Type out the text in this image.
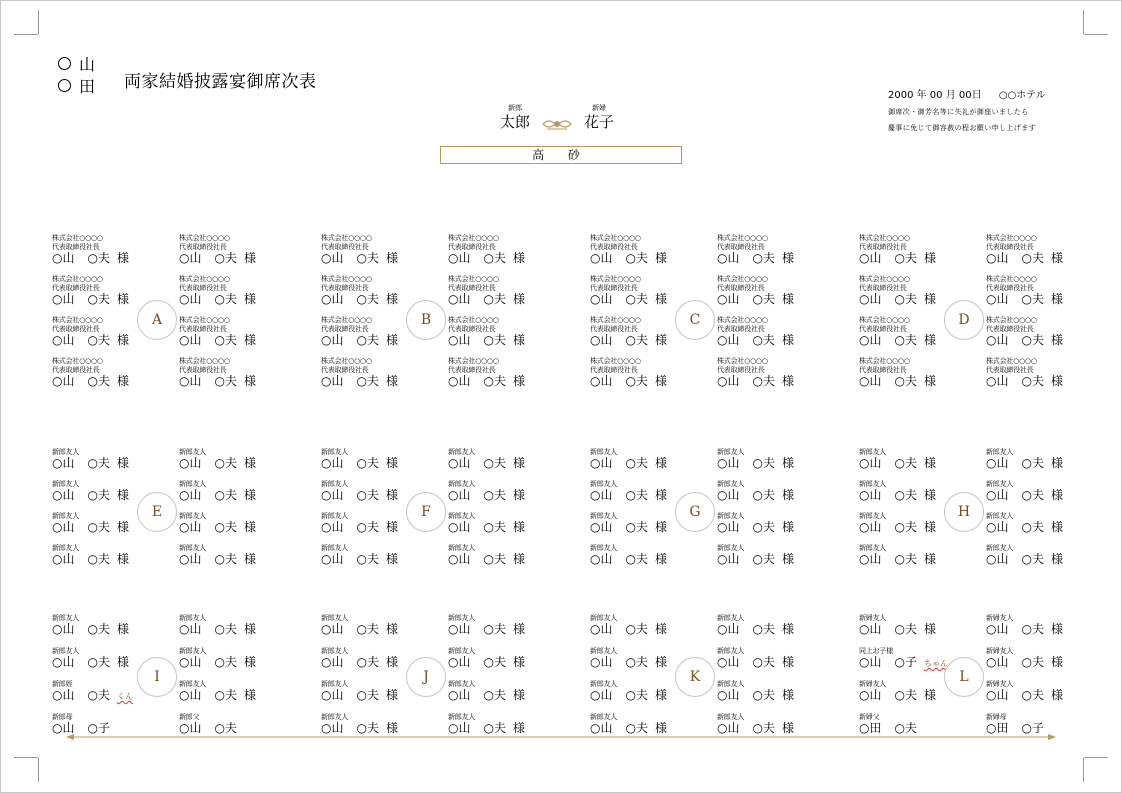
山
田 両家結婚披露宴御席次表
2000 年 00 月 00日 ○○ホテル
御席次・御芳名等に失礼が御座いましたら
慶事に免じて御容赦の程お願い申し上げます
新郎
太郎
新婦
花子
高 砂
株式会社○○○○
代表取締役社長
○山 ○夫 様
株式会社○○○○
代表取締役社長
○山 ○夫 様
株式会社○○○○
代表取締役社長
○山 ○夫 様
株式会社○○○○
代表取締役社長
○山 ○夫 様
株式会社○○○○
代表取締役社長
○山 ○夫 様
株式会社○○○○
代表取締役社長
○山 ○夫 様
株式会社○○○○
代表取締役社長
○山 ○夫 様
株式会社○○○○
代表取締役社長
○山 ○夫 様
A
株式会社○○○○
代表取締役社長
○山 ○夫 様
株式会社○○○○
代表取締役社長
○山 ○夫 様
株式会社○○○○
代表取締役社長
○山 ○夫 様
株式会社○○○○
代表取締役社長
○山 ○夫 様
株式会社○○○○
代表取締役社長
○山 ○夫 様
株式会社○○○○
代表取締役社長
○山 ○夫 様
株式会社○○○○
代表取締役社長
○山 ○夫 様
株式会社○○○○
代表取締役社長
○山 ○夫 様
B
株式会社○○○○
代表取締役社長
○山 ○夫 様
株式会社○○○○
代表取締役社長
○山 ○夫 様
株式会社○○○○
代表取締役社長
○山 ○夫 様
株式会社○○○○
代表取締役社長
○山 ○夫 様
株式会社○○○○
代表取締役社長
○山 ○夫 様
株式会社○○○○
代表取締役社長
○山 ○夫 様
株式会社○○○○
代表取締役社長
○山 ○夫 様
株式会社○○○○
代表取締役社長
○山 ○夫 様
C
株式会社○○○○
代表取締役社長
○山 ○夫 様
株式会社○○○○
代表取締役社長
○山 ○夫 様
株式会社○○○○
代表取締役社長
○山 ○夫 様
株式会社○○○○
代表取締役社長
○山 ○夫 様
株式会社○○○○
代表取締役社長
○山 ○夫 様
株式会社○○○○
代表取締役社長
○山 ○夫 様
株式会社○○○○
代表取締役社長
○山 ○夫 様
株式会社○○○○
代表取締役社長
○山 ○夫 様
D
新郎友人
○山 ○夫 様
新郎友人
○山 ○夫 様
新郎友人
○山 ○夫 様
新郎友人
○山 ○夫 様
新郎友人
○山 ○夫 様
新郎友人
○山 ○夫 様
新郎友人
○山 ○夫 様
新郎友人
○山 ○夫 様
E
新郎友人
○山 ○夫 様
新郎友人
○山 ○夫 様
新郎友人
○山 ○夫 様
新郎友人
○山 ○夫 様
新郎友人
○山 ○夫 様
新郎友人
○山 ○夫 様
新郎友人
○山 ○夫 様
新郎友人
○山 ○夫 様
F
新郎友人
○山 ○夫 様
新郎友人
○山 ○夫 様
新郎友人
○山 ○夫 様
新郎友人
○山 ○夫 様
新郎友人
○山 ○夫 様
新郎友人
○山 ○夫 様
新郎友人
○山 ○夫 様
新郎友人
○山 ○夫 様
G
新郎友人
○山 ○夫 様
新郎友人
○山 ○夫 様
新郎友人
○山 ○夫 様
新郎友人
○山 ○夫 様
新郎友人
○山 ○夫 様
新郎友人
○山 ○夫 様
新郎友人
○山 ○夫 様
新郎友人
○山 ○夫 様
H
新郎友人
○山 ○夫 様
新郎友人
○山 ○夫 様
新郎友人
○山 ○夫 様
新郎友人
○山 ○夫 様
新郎姪
○山 ○夫 くん
新郎友人
○山 ○夫 様
新郎母
○山 ○子
新郎父
○山 ○夫
I
新郎友人
○山 ○夫 様
新郎友人
○山 ○夫 様
新郎友人
○山 ○夫 様
新郎友人
○山 ○夫 様
新郎友人
○山 ○夫 様
新郎友人
○山 ○夫 様
新郎友人
○山 ○夫 様
新郎友人
○山 ○夫 様
J
新郎友人
○山 ○夫 様
新郎友人
○山 ○夫 様
新郎友人
○山 ○夫 様
新郎友人
○山 ○夫 様
新郎友人
○山 ○夫 様
新郎友人
○山 ○夫 様
新郎友人
○山 ○夫 様
新郎友人
○山 ○夫 様
K
新婦友人
○山 ○夫 様
新婦友人
○山 ○夫 様
同上お子様
○山 ○子 ちゃん
新婦友人
○山 ○夫 様
新婦友人
○山 ○夫 様
新婦友人
○山 ○夫 様
新婦父
○田 ○夫
新婦母
○田 ○子
L
